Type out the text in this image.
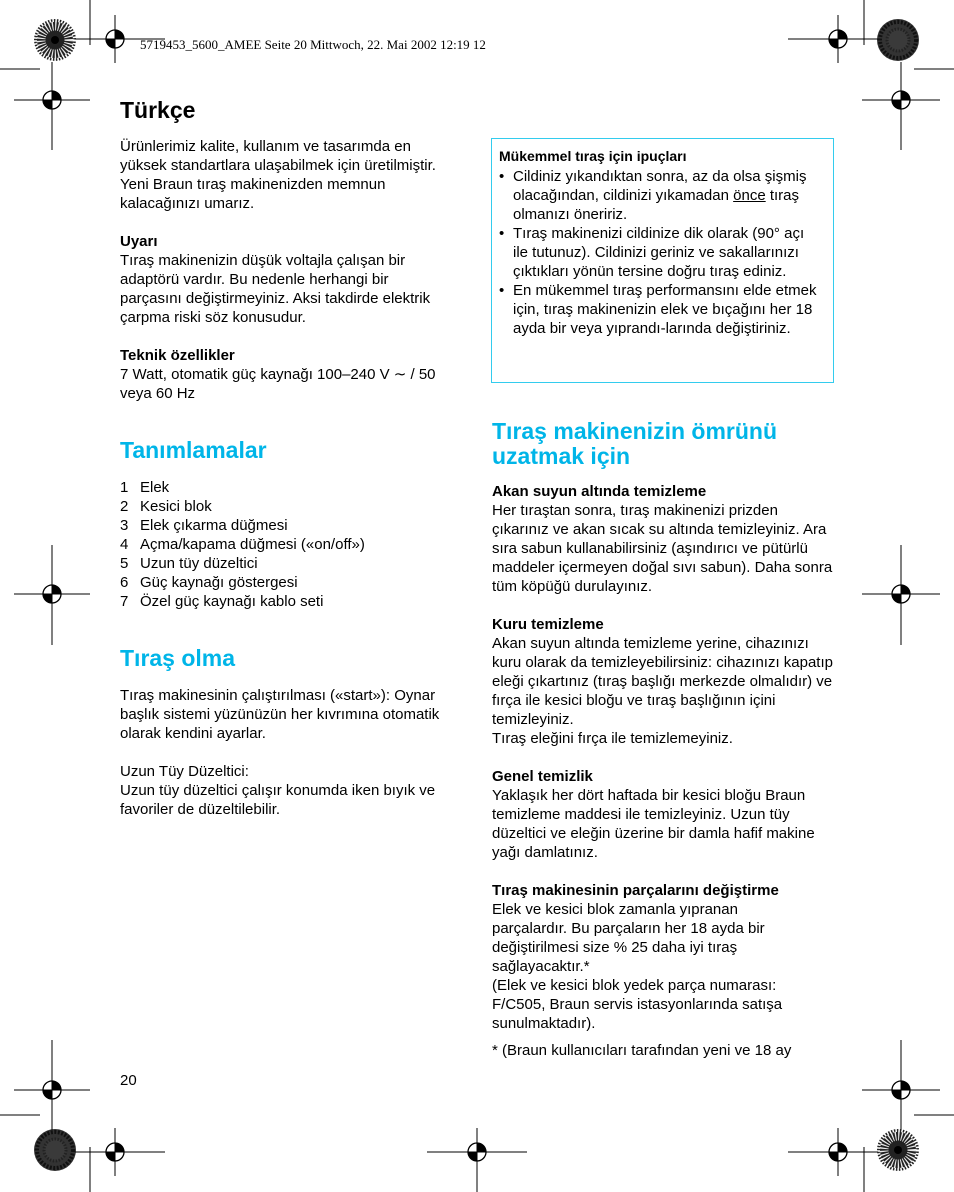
5719453_5600_AMEE Seite 20 Mittwoch, 22. Mai 2002 12:19 12
Türkçe

Ürünlerimiz kalite, kullanım ve tasarımda en yüksek standartlara ulaşabilmek için üretilmiştir. Yeni Braun tıraş makinenizden memnun kalacağınızı umarız.

Uyarı

Tıraş makinenizin düşük voltajla çalışan bir adaptörü vardır. Bu nedenle herhangi bir parçasını değiştirmeyiniz. Aksi takdirde elektrik çarpma riski söz konusudur.

Teknik özellikler

7 Watt, otomatik güç kaynağı 100–240 V ∼ / 50 veya 60 Hz

Tanımlamalar
1 Elek
2 Kesici blok
3 Elek çıkarma düğmesi
4 Açma/kapama düğmesi («on/off»)
5 Uzun tüy düzeltici
6 Güç kaynağı göstergesi
7 Özel güç kaynağı kablo seti
Tıraş olma

Tıraş makinesinin çalıştırılması («start»): Oynar başlık sistemi yüzünüzün her kıvrımına otomatik olarak kendini ayarlar.

Uzun Tüy Düzeltici:

Uzun tüy düzeltici çalışır konumda iken bıyık ve favoriler de düzeltilebilir.

Mükemmel tıraş için ipuçları

• Cildiniz yıkandıktan sonra, az da olsa şişmiş olacağından, cildinizi yıkamadan önce tıraş olmanızı öneririz.
• Tıraş makinenizi cildinize dik olarak (90° açı ile tutunuz). Cildinizi geriniz ve sakallarınızı çıktıkları yönün tersine doğru tıraş ediniz.
• En mükemmel tıraş performansını elde etmek için, tıraş makinenizin elek ve bıçağını her 18 ayda bir veya yıprandı-larında değiştiriniz.
Tıraş makinenizin ömrünü uzatmak için

Akan suyun altında temizleme

Her tıraştan sonra, tıraş makinenizi prizden çıkarınız ve akan sıcak su altında temizleyiniz. Ara sıra sabun kullanabilirsiniz (aşındırıcı ve pütürlü maddeler içermeyen doğal sıvı sabun). Daha sonra tüm köpüğü durulayınız.

Kuru temizleme

Akan suyun altında temizleme yerine, cihazınızı kuru olarak da temizleyebilirsiniz: cihazınızı kapatıp eleği çıkartınız (tıraş başlığı merkezde olmalıdır) ve fırça ile kesici bloğu ve tıraş başlığının içini temizleyiniz.

Tıraş eleğini fırça ile temizlemeyiniz.

Genel temizlik

Yaklaşık her dört haftada bir kesici bloğu Braun temizleme maddesi ile temizleyiniz. Uzun tüy düzeltici ve eleğin üzerine bir damla hafif makine yağı damlatınız.

Tıraş makinesinin parçalarını değiştirme

Elek ve kesici blok zamanla yıpranan parçalardır. Bu parçaların her 18 ayda bir değiştirilmesi size % 25 daha iyi tıraş sağlayacaktır.*

(Elek ve kesici blok yedek parça numarası: F/C505, Braun servis istasyonlarında satışa sunulmaktadır).

* (Braun kullanıcıları tarafından yeni ve 18 ay

20
